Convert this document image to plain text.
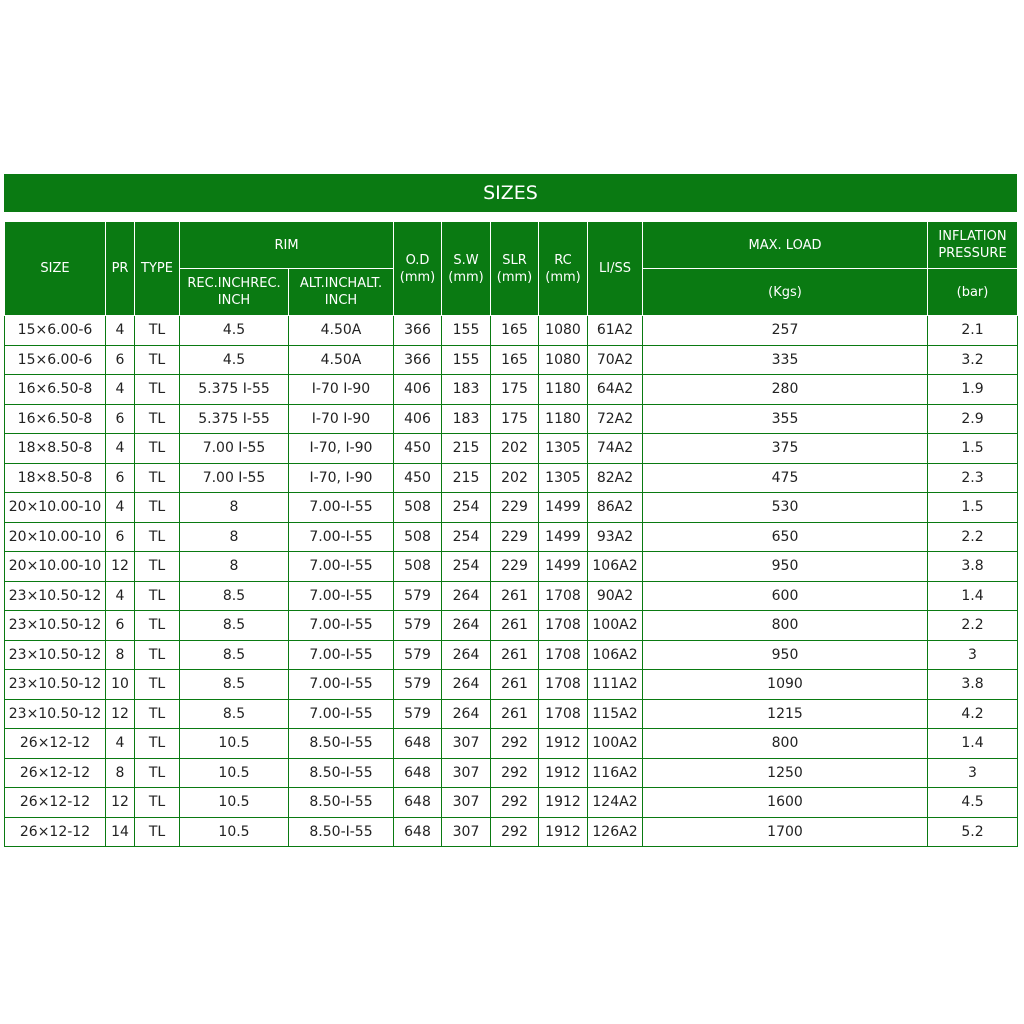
SIZES
SIZE	PR	TYPE	RIM		O.D (mm)	S.W (mm)	SLR (mm)	RC (mm)	LI/SS	MAX. LOAD	INFLATION PRESSURE
			REC.INCHREC. INCH	ALT.INCHALT. INCH						(Kgs)	(bar)
15×6.00-6	4	TL	4.5	4.50A	366	155	165	1080	61A2	257	2.1
15×6.00-6	6	TL	4.5	4.50A	366	155	165	1080	70A2	335	3.2
16×6.50-8	4	TL	5.375 I-55	I-70 I-90	406	183	175	1180	64A2	280	1.9
16×6.50-8	6	TL	5.375 I-55	I-70 I-90	406	183	175	1180	72A2	355	2.9
18×8.50-8	4	TL	7.00 I-55	I-70, I-90	450	215	202	1305	74A2	375	1.5
18×8.50-8	6	TL	7.00 I-55	I-70, I-90	450	215	202	1305	82A2	475	2.3
20×10.00-10	4	TL	8	7.00-I-55	508	254	229	1499	86A2	530	1.5
20×10.00-10	6	TL	8	7.00-I-55	508	254	229	1499	93A2	650	2.2
20×10.00-10	12	TL	8	7.00-I-55	508	254	229	1499	106A2	950	3.8
23×10.50-12	4	TL	8.5	7.00-I-55	579	264	261	1708	90A2	600	1.4
23×10.50-12	6	TL	8.5	7.00-I-55	579	264	261	1708	100A2	800	2.2
23×10.50-12	8	TL	8.5	7.00-I-55	579	264	261	1708	106A2	950	3
23×10.50-12	10	TL	8.5	7.00-I-55	579	264	261	1708	111A2	1090	3.8
23×10.50-12	12	TL	8.5	7.00-I-55	579	264	261	1708	115A2	1215	4.2
26×12-12	4	TL	10.5	8.50-I-55	648	307	292	1912	100A2	800	1.4
26×12-12	8	TL	10.5	8.50-I-55	648	307	292	1912	116A2	1250	3
26×12-12	12	TL	10.5	8.50-I-55	648	307	292	1912	124A2	1600	4.5
26×12-12	14	TL	10.5	8.50-I-55	648	307	292	1912	126A2	1700	5.2
